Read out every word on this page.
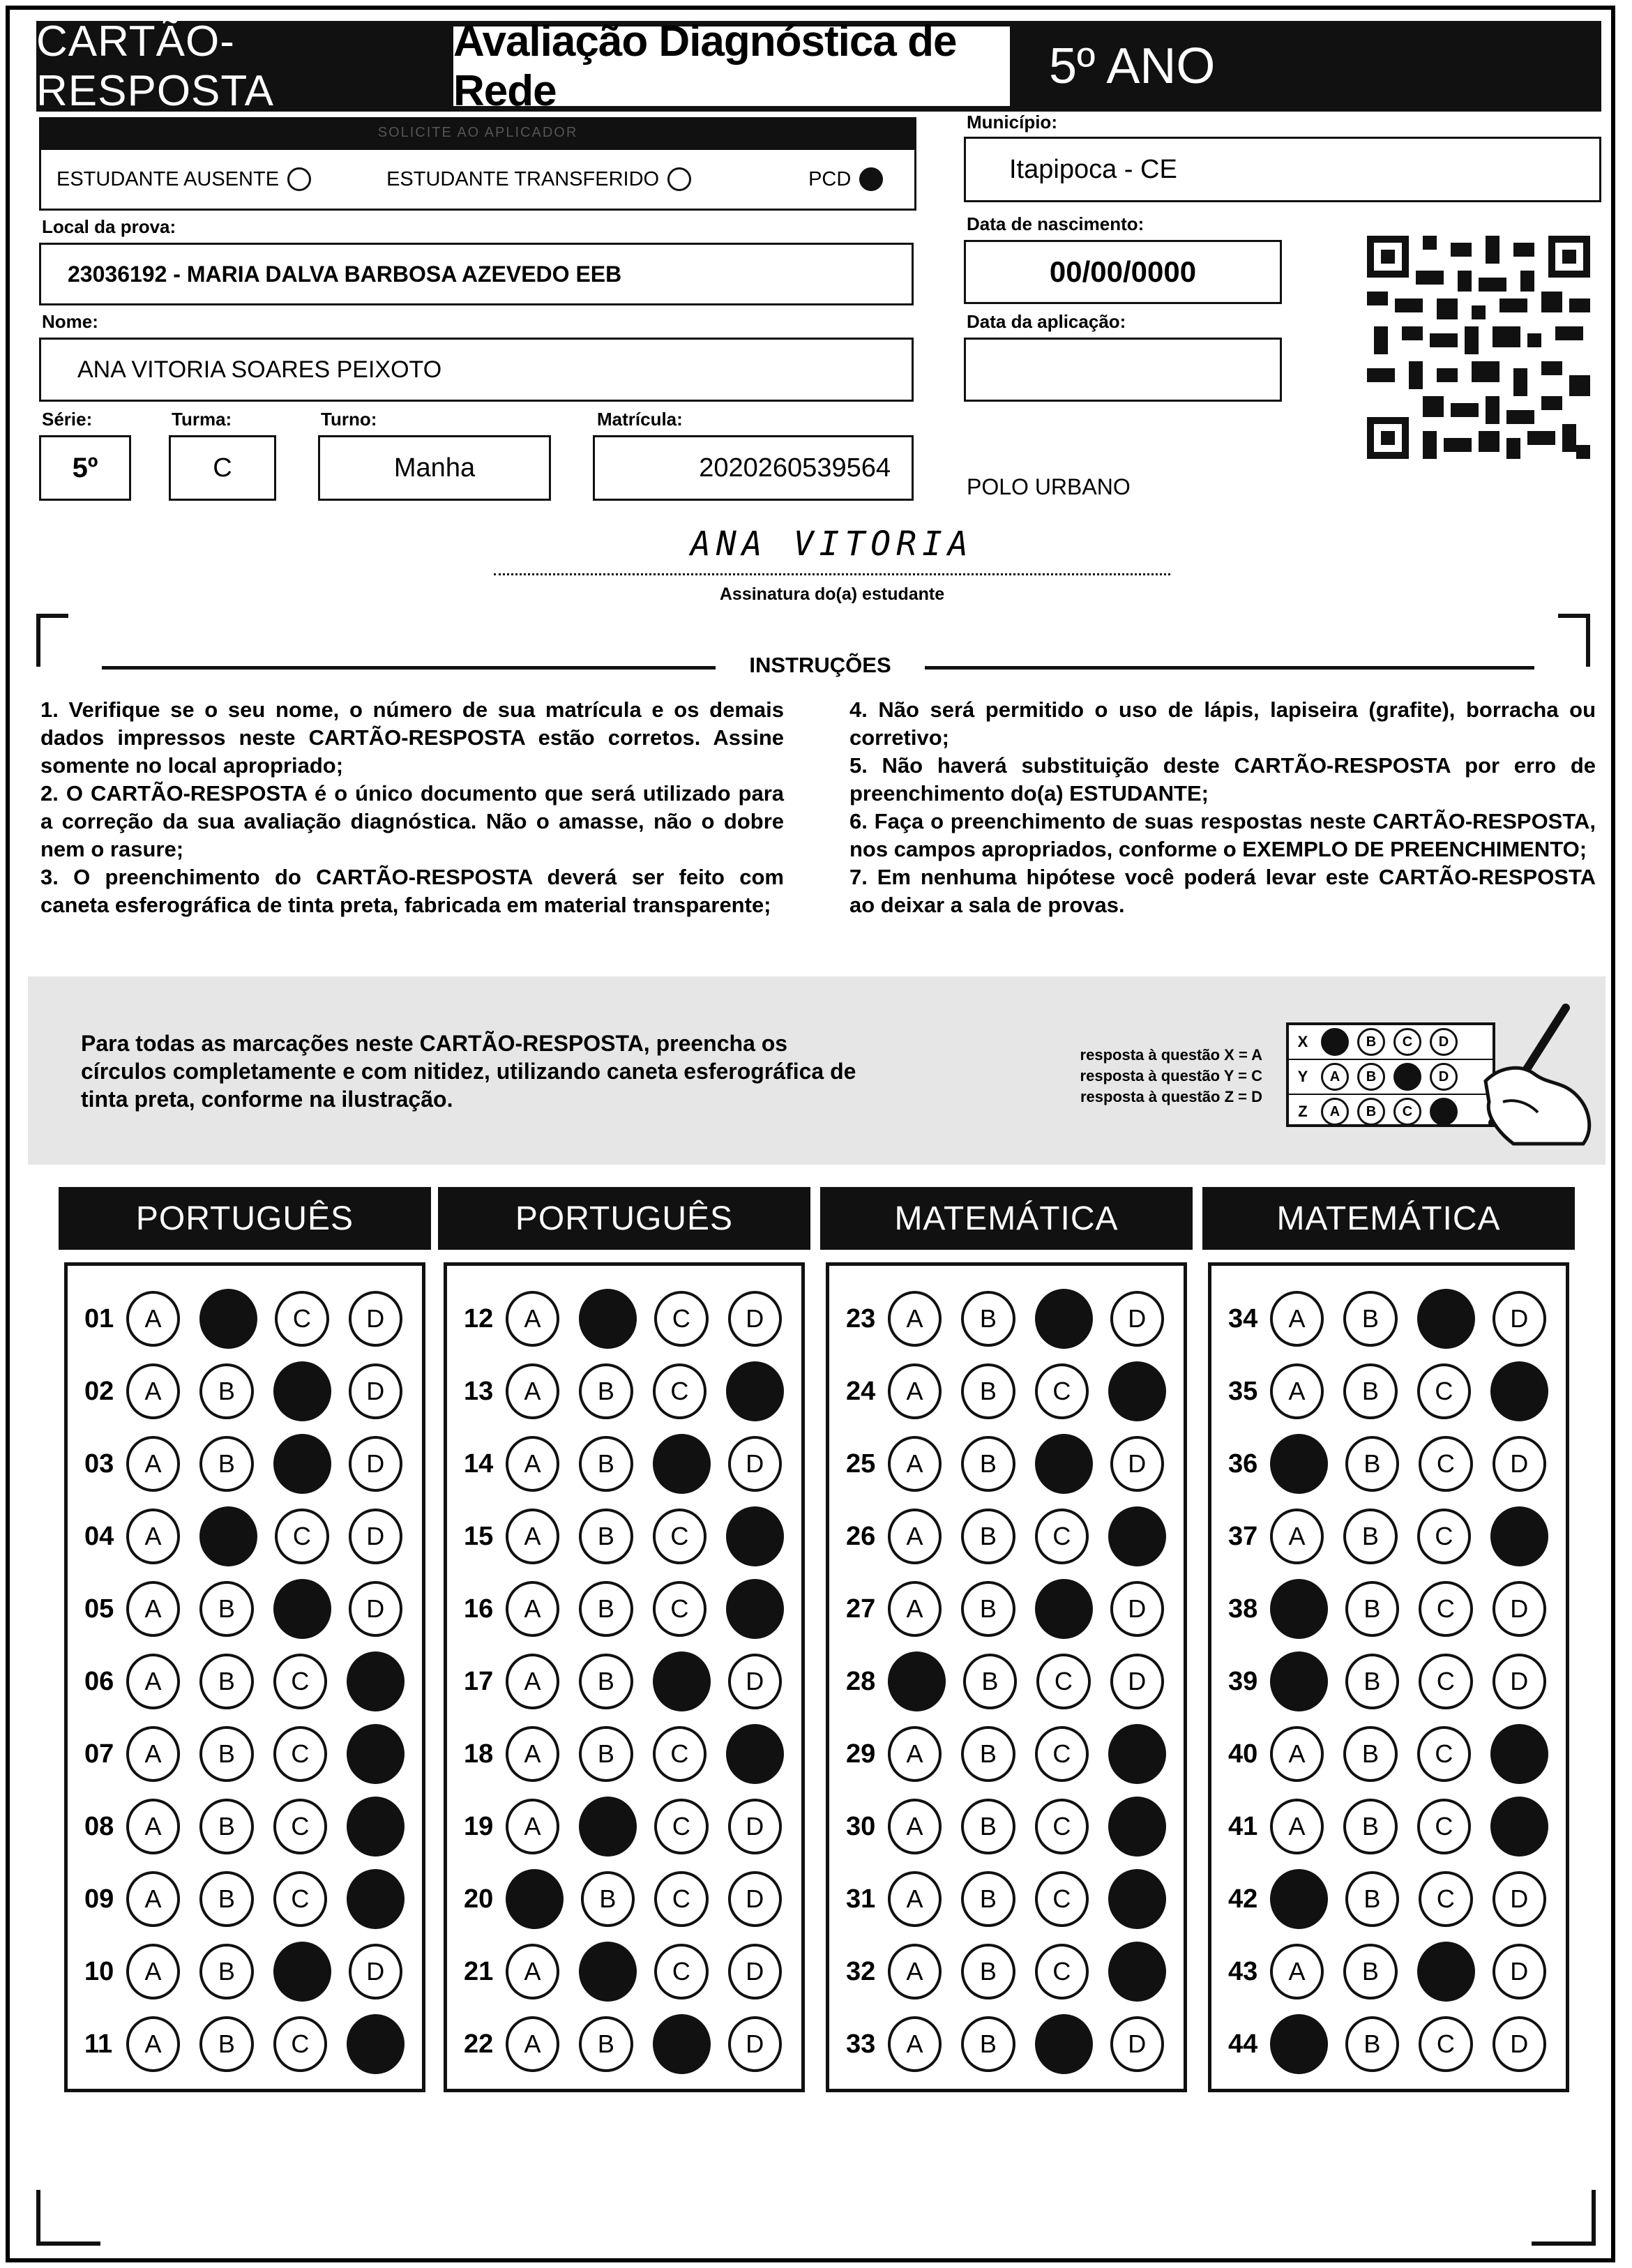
CARTÃO-RESPOSTA
Avaliação Diagnóstica de Rede	5º ANO
SOLICITE AO APLICADOR
ESTUDANTE AUSENTE	ESTUDANTE TRANSFERIDO	PCD
Município:
Itapipoca - CE
Local da prova:
23036192 - MARIA DALVA BARBOSA AZEVEDO EEB
Data de nascimento:
00/00/0000
Nome:
ANA VITORIA SOARES PEIXOTO
Data da aplicação:
Série:
5º
Turma:
C
Turno:
Manha
Matrícula:
2020260539564
POLO URBANO
ANA VITORIA
Assinatura do(a) estudante
INSTRUÇÕES
1. Verifique se o seu nome, o número de sua matrícula e os demais dados impressos neste CARTÃO-RESPOSTA estão corretos. Assine somente no local apropriado;
2. O CARTÃO-RESPOSTA é o único documento que será utilizado para a correção da sua avaliação diagnóstica. Não o amasse, não o dobre nem o rasure;
3. O preenchimento do CARTÃO-RESPOSTA deverá ser feito com caneta esferográfica de tinta preta, fabricada em material transparente;
4. Não será permitido o uso de lápis, lapiseira (grafite), borracha ou corretivo;
5. Não haverá substituição deste CARTÃO-RESPOSTA por erro de preenchimento do(a) ESTUDANTE;
6. Faça o preenchimento de suas respostas neste CARTÃO-RESPOSTA, nos campos apropriados, conforme o EXEMPLO DE PREENCHIMENTO;
7. Em nenhuma hipótese você poderá levar este CARTÃO-RESPOSTA ao deixar a sala de provas.
Para todas as marcações neste CARTÃO-RESPOSTA, preencha os círculos completamente e com nitidez, utilizando caneta esferográfica de tinta preta, conforme na ilustração.
resposta à questão X = A
resposta à questão Y = C
resposta à questão Z = D
X	A	B	C	D
Y	A	B	C	D
Z	A	B	C	D
PORTUGUÊS
01	A	B	C	D
02	A	B	C	D
03	A	B	C	D
04	A	B	C	D
05	A	B	C	D
06	A	B	C	D
07	A	B	C	D
08	A	B	C	D
09	A	B	C	D
10	A	B	C	D
11	A	B	C	D
PORTUGUÊS
12	A	B	C	D
13	A	B	C	D
14	A	B	C	D
15	A	B	C	D
16	A	B	C	D
17	A	B	C	D
18	A	B	C	D
19	A	B	C	D
20	A	B	C	D
21	A	B	C	D
22	A	B	C	D
MATEMÁTICA
23	A	B	C	D
24	A	B	C	D
25	A	B	C	D
26	A	B	C	D
27	A	B	C	D
28	A	B	C	D
29	A	B	C	D
30	A	B	C	D
31	A	B	C	D
32	A	B	C	D
33	A	B	C	D
MATEMÁTICA
34	A	B	C	D
35	A	B	C	D
36	A	B	C	D
37	A	B	C	D
38	A	B	C	D
39	A	B	C	D
40	A	B	C	D
41	A	B	C	D
42	A	B	C	D
43	A	B	C	D
44	A	B	C	D
